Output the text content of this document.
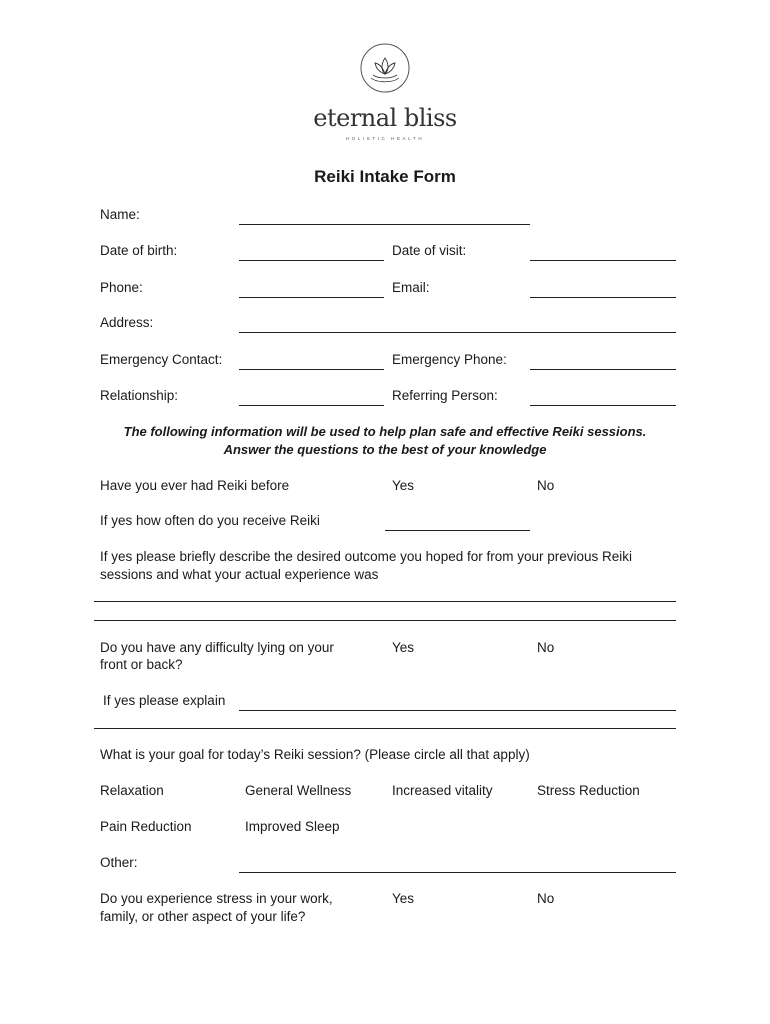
eternal bliss
HOLISTIC HEALTH
Reiki Intake Form
Name:
Date of birth:	Date of visit:
Phone:	Email:
Address:
Emergency Contact:	Emergency Phone:
Relationship:	Referring Person:
The following information will be used to help plan safe and effective Reiki sessions.
Answer the questions to the best of your knowledge
Have you ever had Reiki before	Yes	No
If yes how often do you receive Reiki
If yes please briefly describe the desired outcome you hoped for from your previous Reiki
sessions and what your actual experience was
Do you have any difficulty lying on your
front or back?
Yes	No
If yes please explain
What is your goal for today’s Reiki session? (Please circle all that apply)
Relaxation	General Wellness	Increased vitality	Stress Reduction
Pain Reduction	Improved Sleep
Other:
Do you experience stress in your work,
family, or other aspect of your life?
Yes	No
